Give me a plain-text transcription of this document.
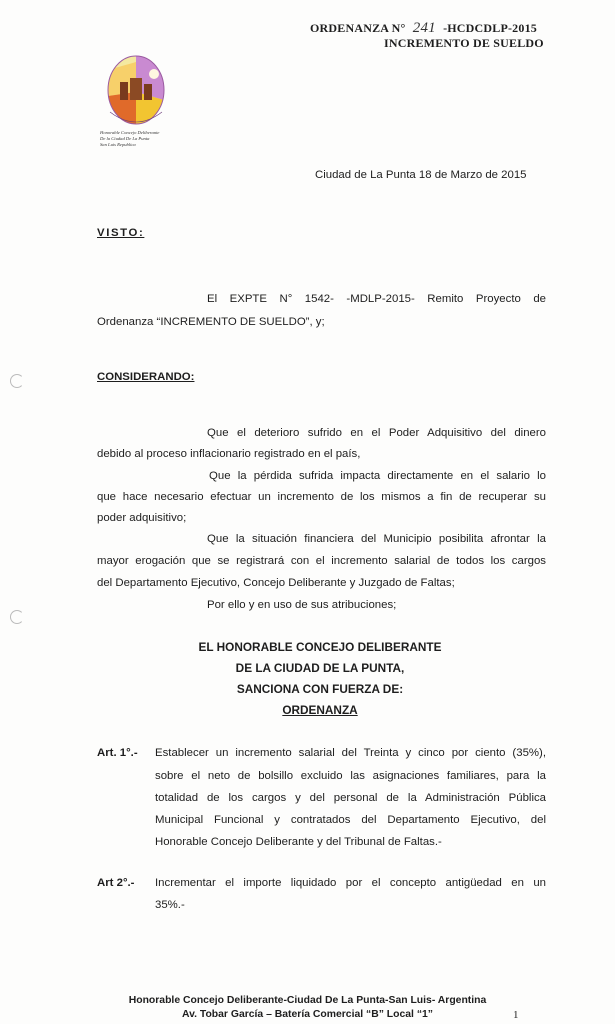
ORDENANZA N° 241 -HCDCDLP-2015
INCREMENTO DE SUELDO
Honorable Concejo Deliberante
De la Ciudad De La Punta
San Luis Republica
Ciudad de La Punta 18 de Marzo de 2015
VISTO:
El EXPTE N° 1542- -MDLP-2015- Remito Proyecto de
Ordenanza “INCREMENTO DE SUELDO”, y;
CONSIDERANDO:
Que el deterioro sufrido en el Poder Adquisitivo del dinero
debido al proceso inflacionario registrado en el país,
Que la pérdida sufrida impacta directamente en el salario lo
que hace necesario efectuar un incremento de los mismos a fin de recuperar su
poder adquisitivo;
Que la situación financiera del Municipio posibilita afrontar la
mayor erogación que se registrará con el incremento salarial de todos los cargos
del Departamento Ejecutivo, Concejo Deliberante y Juzgado de Faltas;
Por ello y en uso de sus atribuciones;
EL HONORABLE CONCEJO DELIBERANTE
DE LA CIUDAD DE LA PUNTA,
SANCIONA CON FUERZA DE:
ORDENANZA
Art. 1°.- Establecer un incremento salarial del Treinta y cinco por ciento (35%),
sobre el neto de bolsillo excluido las asignaciones familiares, para la
totalidad de los cargos y del personal de la Administración Pública
Municipal Funcional y contratados del Departamento Ejecutivo, del
Honorable Concejo Deliberante y del Tribunal de Faltas.-
Art 2°.- Incrementar el importe liquidado por el concepto antigüedad en un
35%.-
Honorable Concejo Deliberante-Ciudad De La Punta-San Luis- Argentina
Av. Tobar García – Batería Comercial “B” Local “1”	1
